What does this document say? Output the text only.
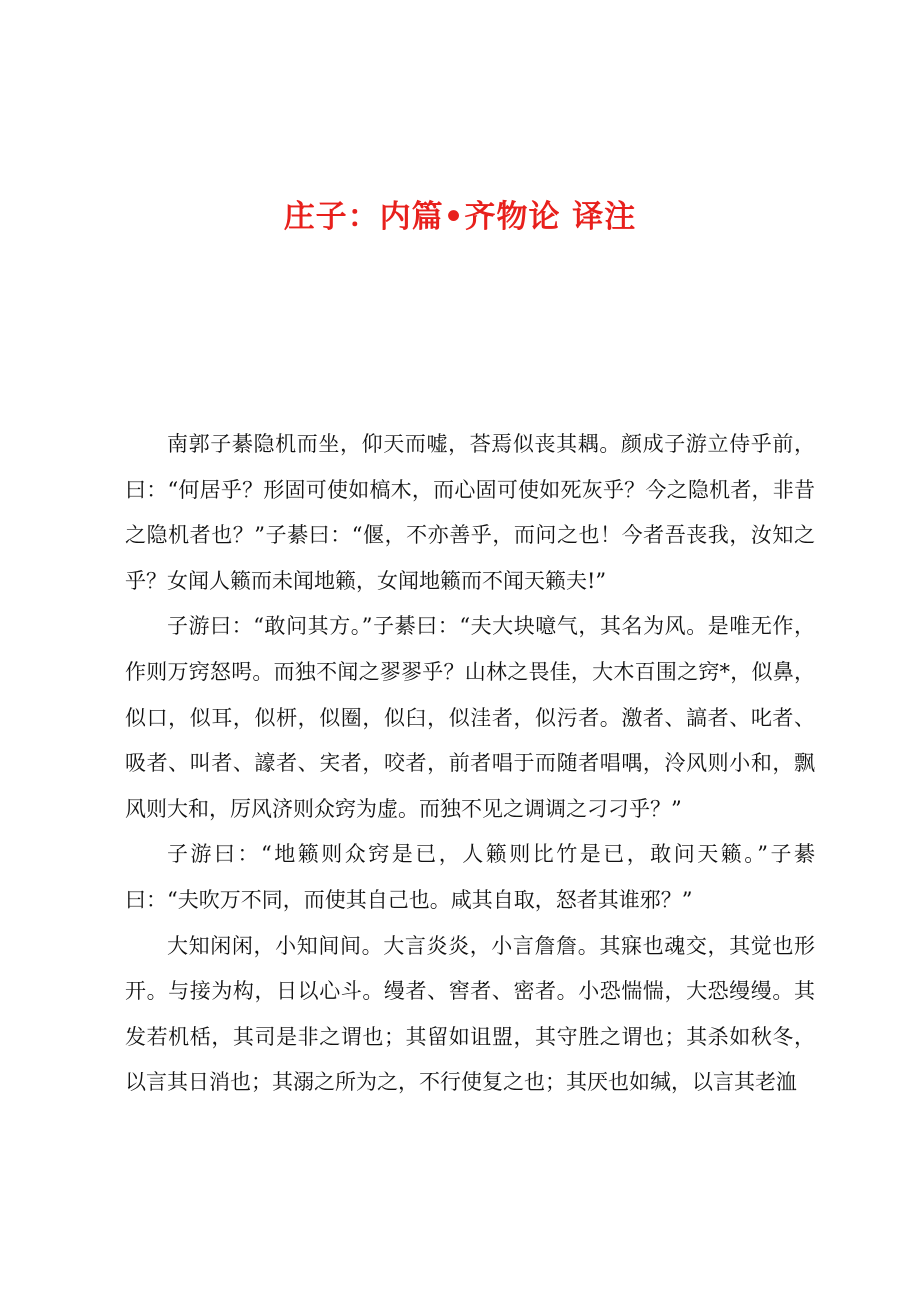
庄子：内篇•齐物论 译注

南郭子綦隐机而坐，仰天而嘘，荅焉似丧其耦。颜成子游立侍乎前，曰：“何居乎？形固可使如槁木，而心固可使如死灰乎？今之隐机者，非昔之隐机者也？”子綦曰：“偃，不亦善乎，而问之也！今者吾丧我，汝知之乎？女闻人籁而未闻地籁，女闻地籁而不闻天籁夫!”

子游曰：“敢问其方。”子綦曰：“夫大块噫气，其名为风。是唯无作，作则万窍怒呺。而独不闻之翏翏乎？山林之畏佳，大木百围之窍*，似鼻，似口，似耳，似枅，似圈，似臼，似洼者，似污者。激者、謞者、叱者、吸者、叫者、譹者、宎者，咬者，前者唱于而随者唱喁，泠风则小和，飘风则大和，厉风济则众窍为虚。而独不见之调调之刁刁乎？”

子游曰：“地籁则众窍是已，人籁则比竹是已，敢问天籁。”子綦曰：“夫吹万不同，而使其自己也。咸其自取，怒者其谁邪？”

大知闲闲，小知间间。大言炎炎，小言詹詹。其寐也魂交，其觉也形开。与接为构，日以心斗。缦者、窖者、密者。小恐惴惴，大恐缦缦。其发若机栝，其司是非之谓也；其留如诅盟，其守胜之谓也；其杀如秋冬，以言其日消也；其溺之所为之，不行使复之也；其厌也如缄，以言其老洫
